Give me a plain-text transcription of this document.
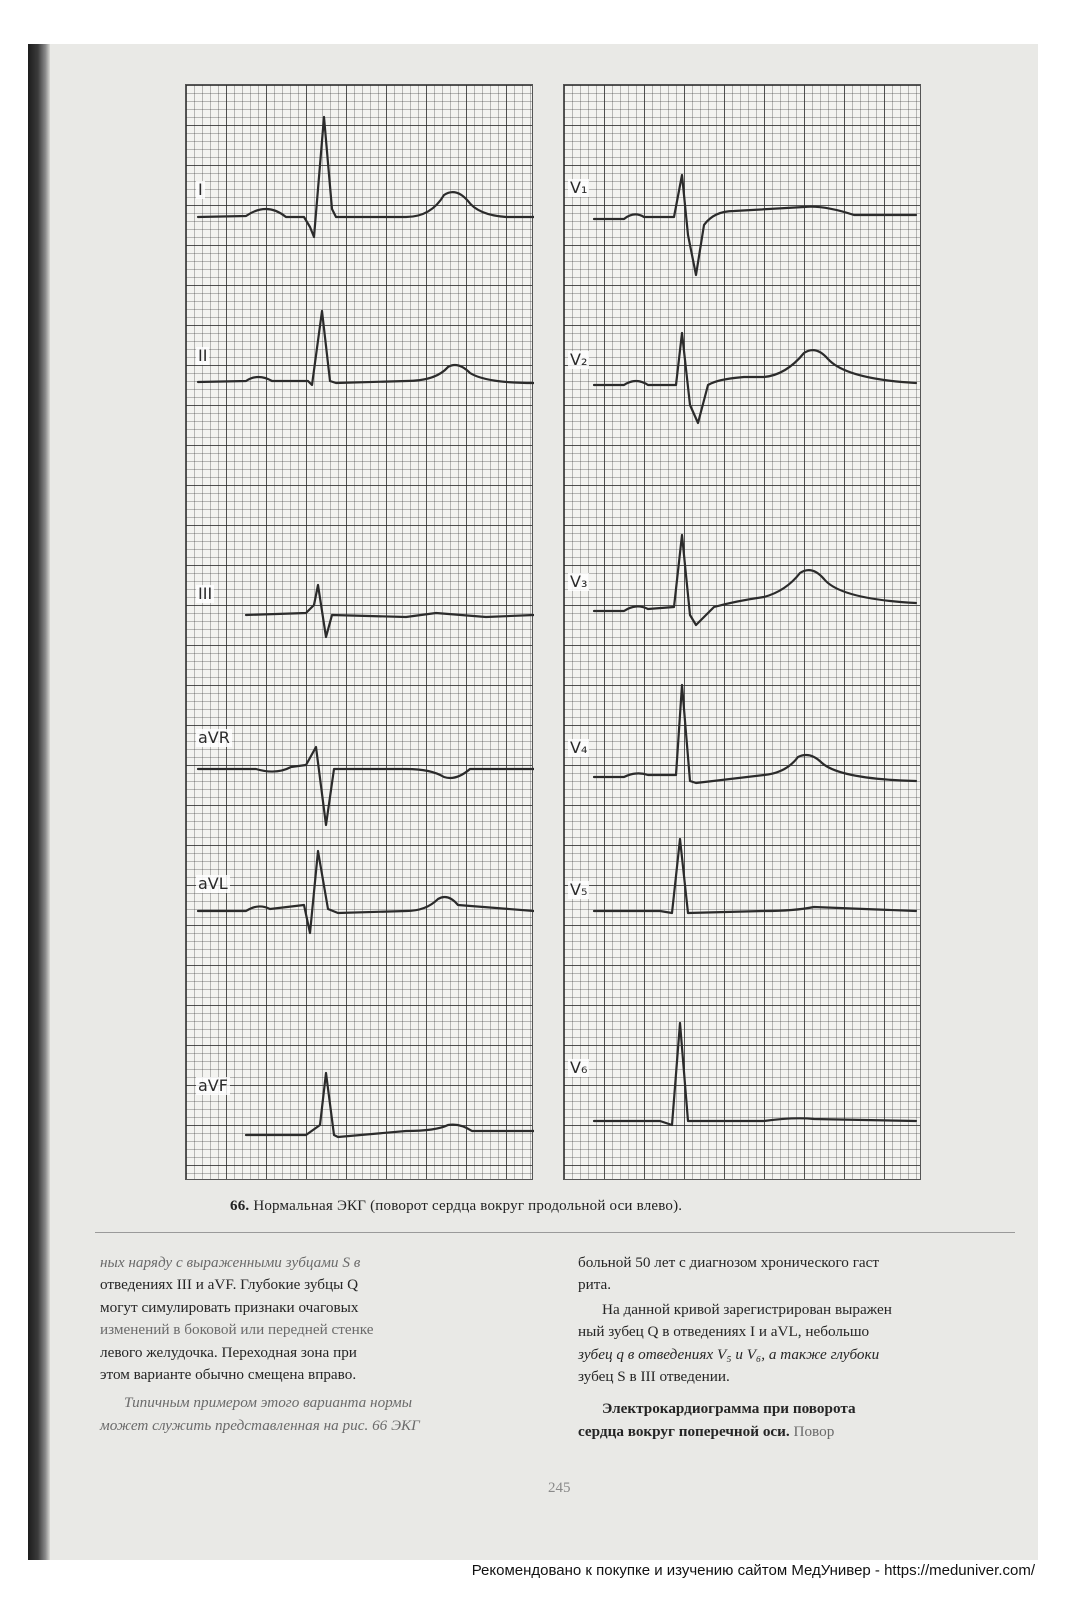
I
II
III
aVR
aVL
aVF
V₁
V₂
V₃
V₄
V₅
V₆
66. Нормальная ЭКГ (поворот сердца вокруг продольной оси влево).

ных наряду с выраженными зубцами S в

отведениях III и aVF. Глубокие зубцы Q

могут симулировать признаки очаговых

изменений в боковой или передней стенке

левого желудочка. Переходная зона при

этом варианте обычно смещена вправо.

Типичным примером этого варианта нормы

может служить представленная на рис. 66 ЭКГ

больной 50 лет с диагнозом хронического гаст

рита.

На данной кривой зарегистрирован выражен

ный зубец Q в отведениях I и aVL, небольшо

зубец q в отведениях V₅ и V₆, а также глубоки

зубец S в III отведении.

Электрокардиограмма при поворота

сердца вокруг поперечной оси. Повор

245
Рекомендовано к покупке и изучению сайтом МедУнивер - https://meduniver.com/
